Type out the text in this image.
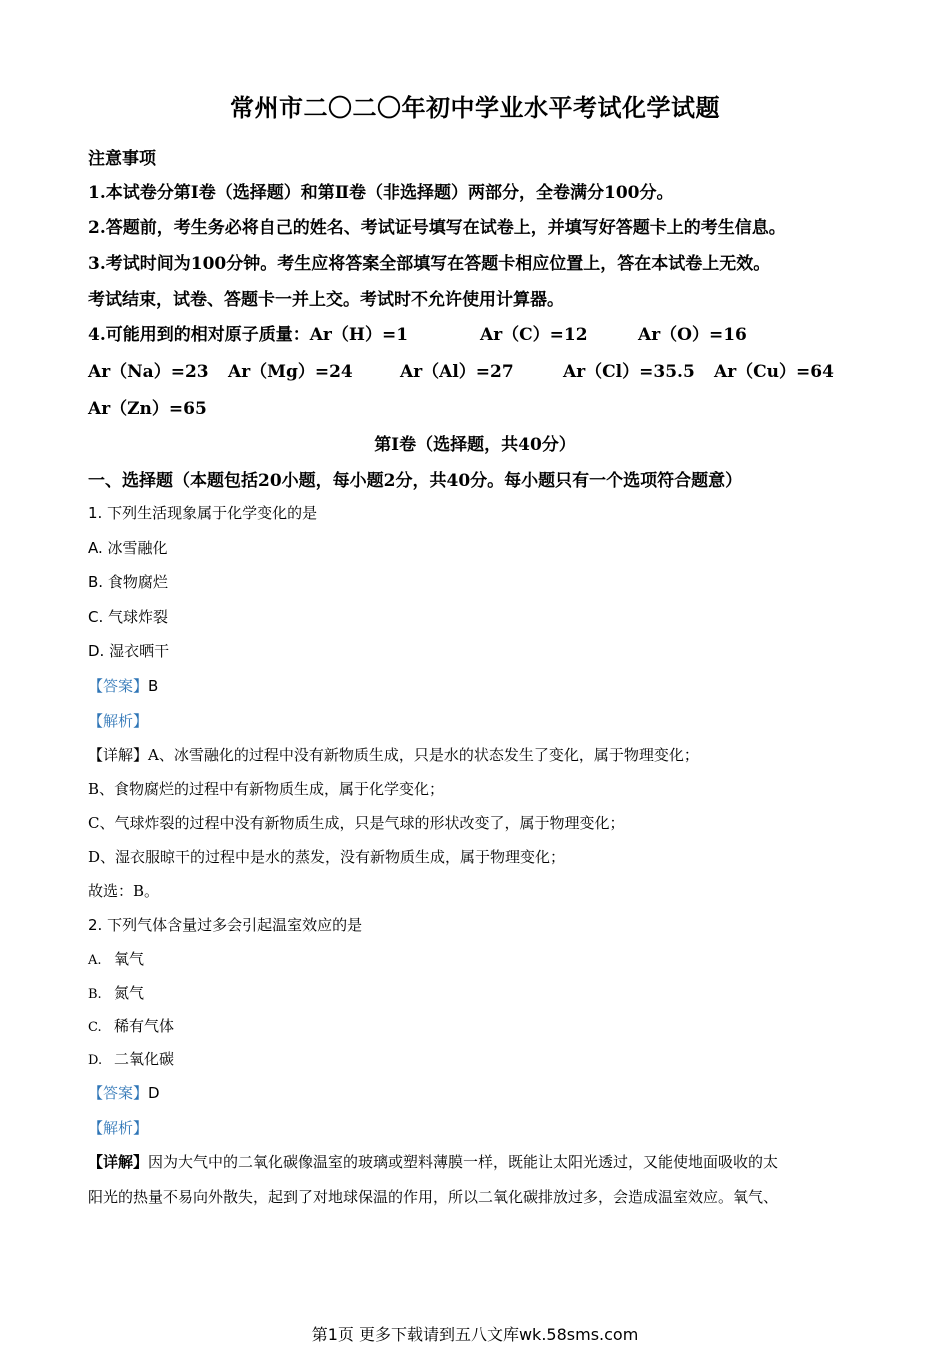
常州市二〇二〇年初中学业水平考试化学试题
注意事项
1.本试卷分第Ⅰ卷（选择题）和第Ⅱ卷（非选择题）两部分，全卷满分100分。
2.答题前，考生务必将自己的姓名、考试证号填写在试卷上，并填写好答题卡上的考生信息。
3.考试时间为100分钟。考生应将答案全部填写在答题卡相应位置上，答在本试卷上无效。
考试结束，试卷、答题卡一并上交。考试时不允许使用计算器。
4.可能用到的相对原子质量：Ar（H）=1	Ar（C）=12	Ar（O）=16
Ar（Na）=23 Ar（Mg）=24	Ar（Al）=27	Ar（Cl）=35.5 Ar（Cu）=64
Ar（Zn）=65
第Ⅰ卷（选择题，共40分）
一、选择题（本题包括20小题，每小题2分，共40分。每小题只有一个选项符合题意）
1. 下列生活现象属于化学变化的是
A. 冰雪融化
B. 食物腐烂
C. 气球炸裂
D. 湿衣晒干
【答案】B
【解析】
【详解】A、冰雪融化的过程中没有新物质生成，只是水的状态发生了变化，属于物理变化；
B、食物腐烂的过程中有新物质生成，属于化学变化；
C、气球炸裂的过程中没有新物质生成，只是气球的形状改变了，属于物理变化；
D、湿衣服晾干的过程中是水的蒸发，没有新物质生成，属于物理变化；
故选：B。
2. 下列气体含量过多会引起温室效应的是
A. 氧气
B. 氮气
C. 稀有气体
D. 二氧化碳
【答案】D
【解析】
【详解】因为大气中的二氧化碳像温室的玻璃或塑料薄膜一样，既能让太阳光透过，又能使地面吸收的太
阳光的热量不易向外散失，起到了对地球保温的作用，所以二氧化碳排放过多，会造成温室效应。氧气、
第1页 更多下载请到五八文库wk.58sms.com
